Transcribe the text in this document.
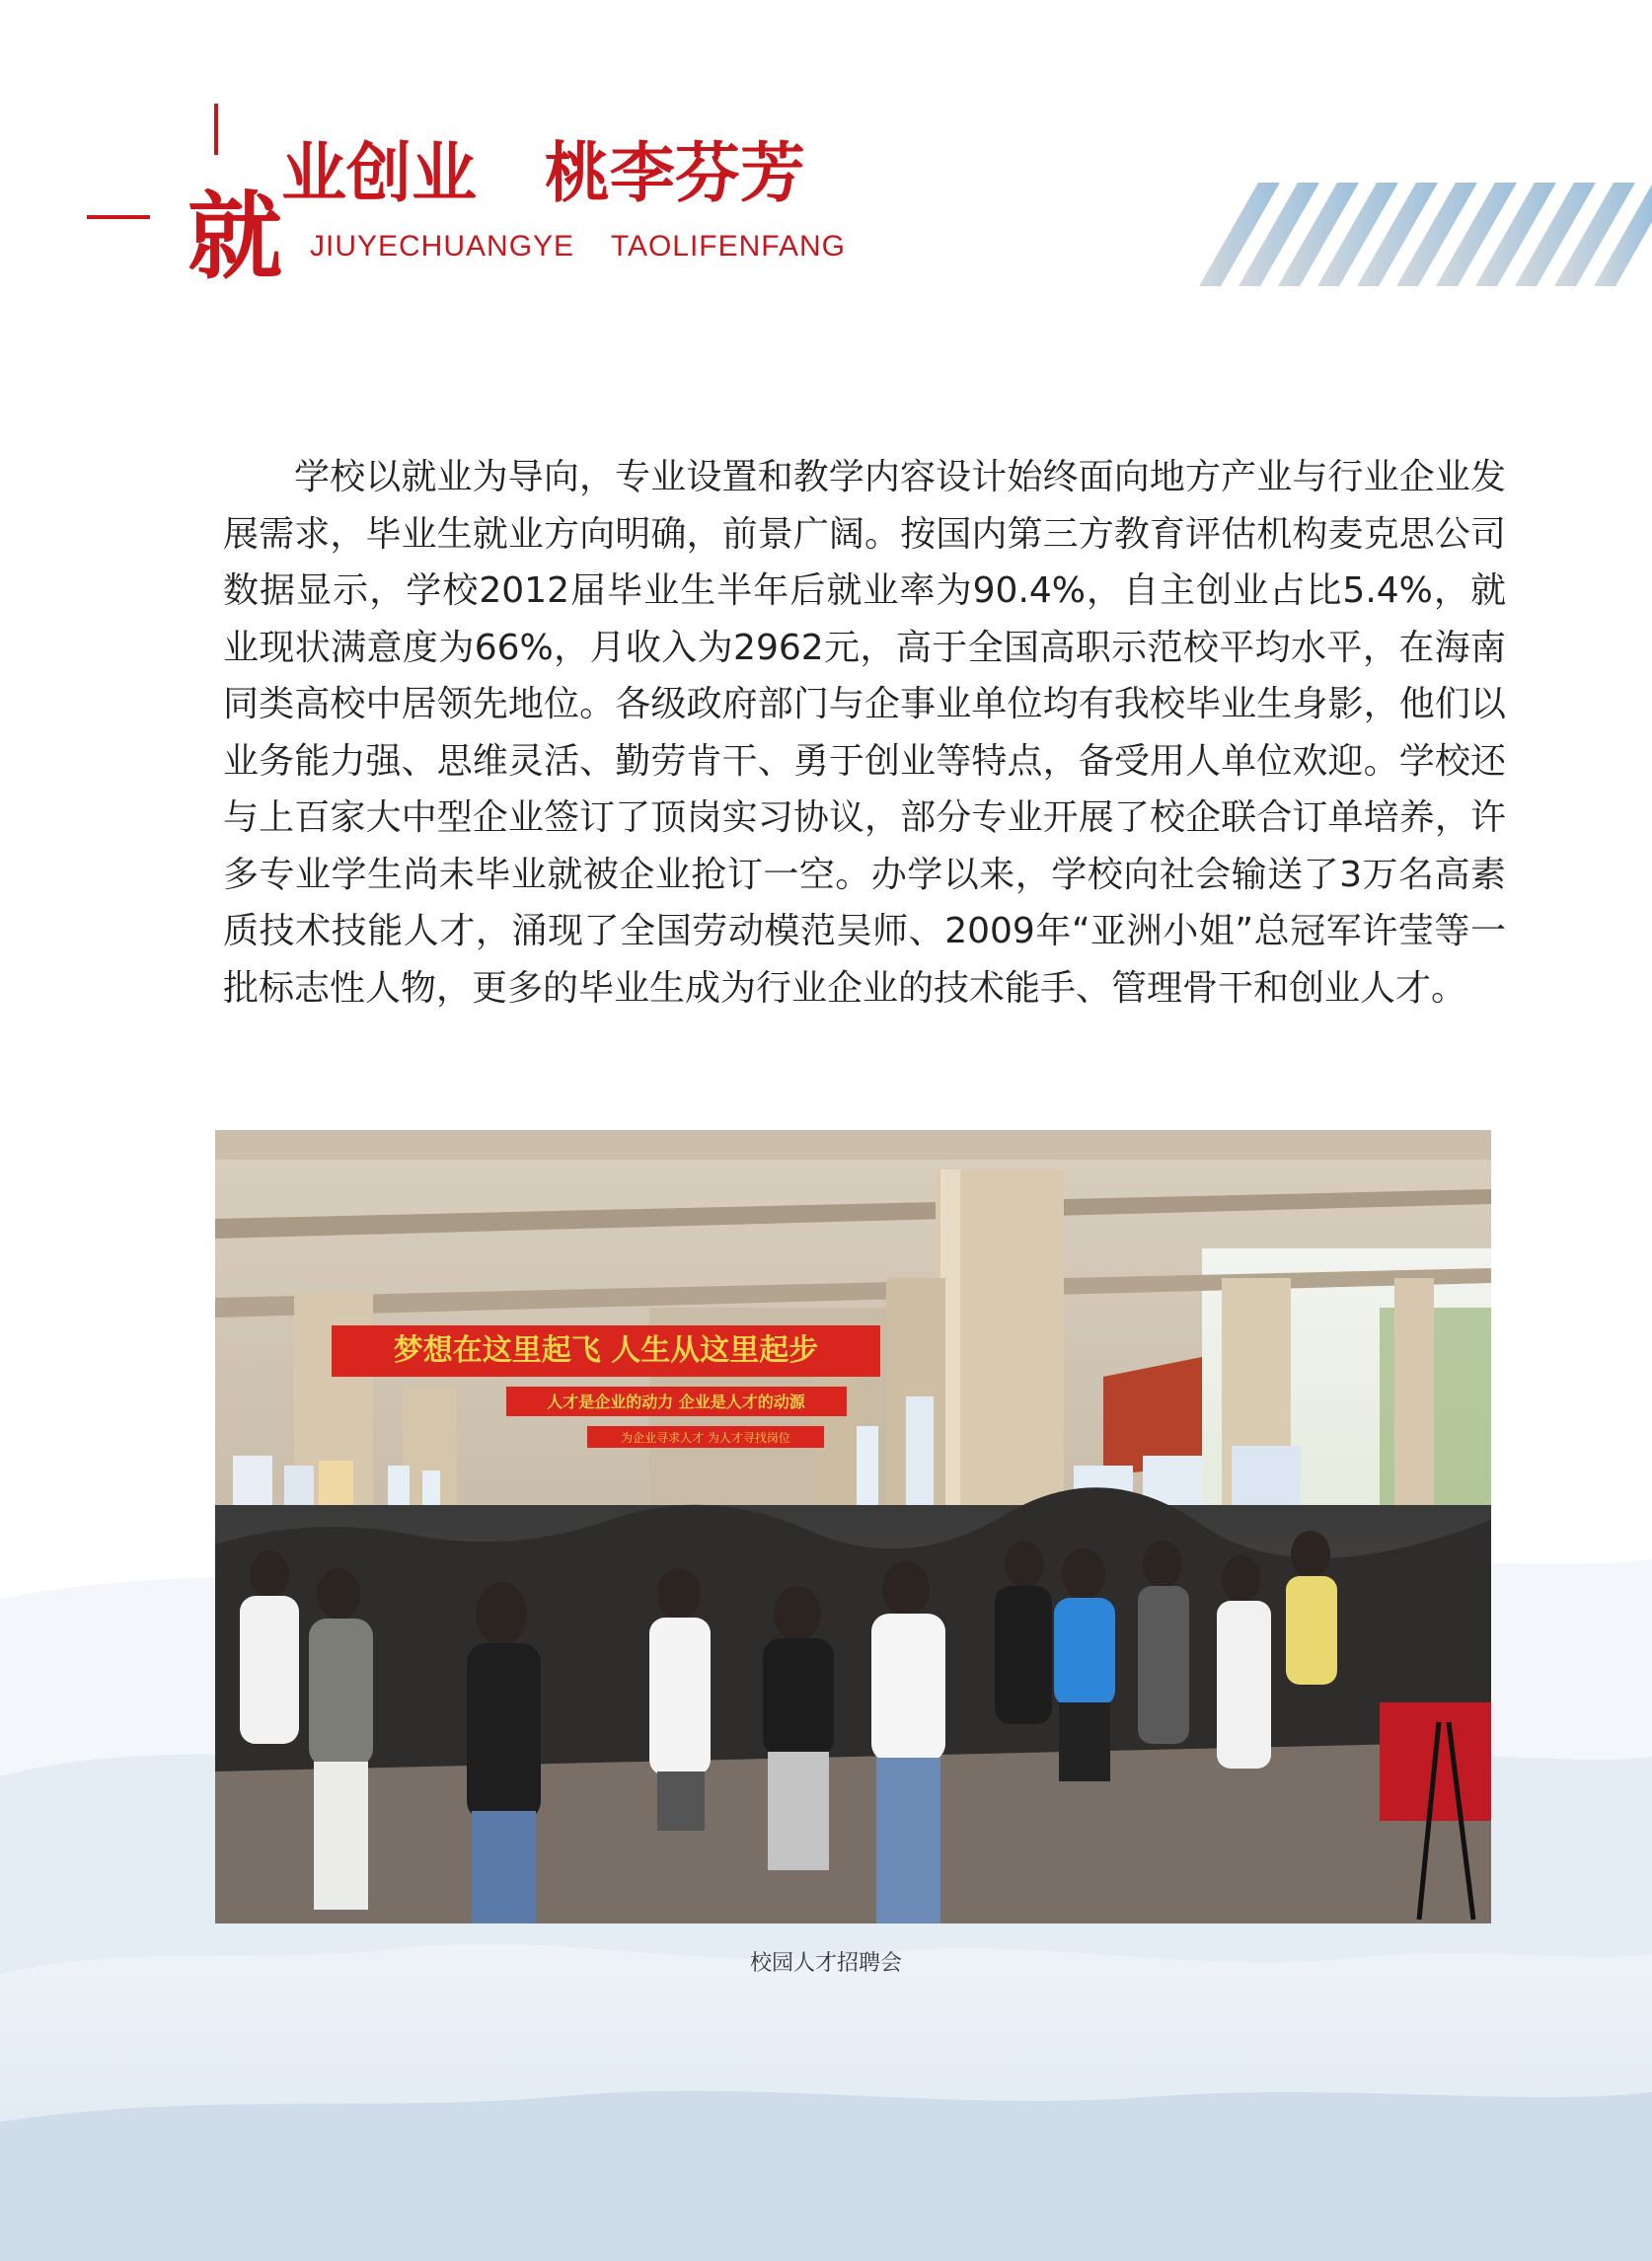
就
业创业   桃李芬芳
JIUYECHUANGYE    TAOLIFENFANG
学校以就业为导向，专业设置和教学内容设计始终面向地方产业与行业企业发展需求，毕业生就业方向明确，前景广阔。按国内第三方教育评估机构麦克思公司数据显示，学校2012届毕业生半年后就业率为90.4%，自主创业占比5.4%，就业现状满意度为66%，月收入为2962元，高于全国高职示范校平均水平，在海南同类高校中居领先地位。各级政府部门与企事业单位均有我校毕业生身影，他们以业务能力强、思维灵活、勤劳肯干、勇于创业等特点，备受用人单位欢迎。学校还与上百家大中型企业签订了顶岗实习协议，部分专业开展了校企联合订单培养，许多专业学生尚未毕业就被企业抢订一空。办学以来，学校向社会输送了3万名高素质技术技能人才，涌现了全国劳动模范吴师、2009年“亚洲小姐”总冠军许莹等一批标志性人物，更多的毕业生成为行业企业的技术能手、管理骨干和创业人才。
梦想在这里起飞 人生从这里起步
人才是企业的动力 企业是人才的动源
为企业寻求人才 为人才寻找岗位
校园人才招聘会
